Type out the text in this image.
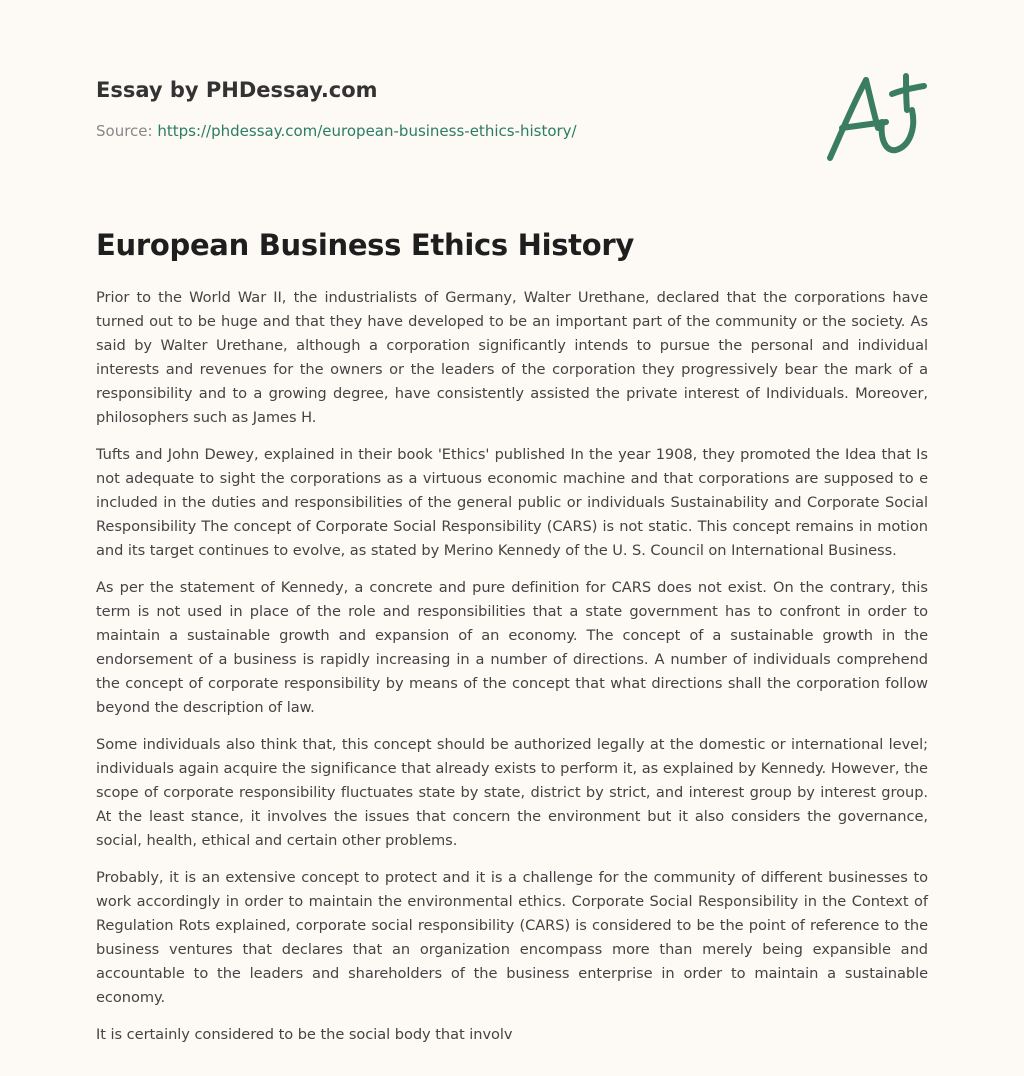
Essay by PHDessay.com
Source: https://phdessay.com/european-business-ethics-history/
European Business Ethics History

Prior to the World War II, the industrialists of Germany, Walter Urethane, declared that the corporations have turned out to be huge and that they have developed to be an important part of the community or the society. As said by Walter Urethane, although a corporation significantly intends to pursue the personal and individual interests and revenues for the owners or the leaders of the corporation they progressively bear the mark of a responsibility and to a growing degree, have consistently assisted the private interest of Individuals. Moreover, philosophers such as James H.

Tufts and John Dewey, explained in their book 'Ethics' published In the year 1908, they promoted the Idea that Is not adequate to sight the corporations as a virtuous economic machine and that corporations are supposed to e included in the duties and responsibilities of the general public or individuals Sustainability and Corporate Social Responsibility The concept of Corporate Social Responsibility (CARS) is not static. This concept remains in motion and its target continues to evolve, as stated by Merino Kennedy of the U. S. Council on International Business.

As per the statement of Kennedy, a concrete and pure definition for CARS does not exist. On the contrary, this term is not used in place of the role and responsibilities that a state government has to confront in order to maintain a sustainable growth and expansion of an economy. The concept of a sustainable growth in the endorsement of a business is rapidly increasing in a number of directions. A number of individuals comprehend the concept of corporate responsibility by means of the concept that what directions shall the corporation follow beyond the description of law.

Some individuals also think that, this concept should be authorized legally at the domestic or international level; individuals again acquire the significance that already exists to perform it, as explained by Kennedy. However, the scope of corporate responsibility fluctuates state by state, district by strict, and interest group by interest group. At the least stance, it involves the issues that concern the environment but it also considers the governance, social, health, ethical and certain other problems.

Probably, it is an extensive concept to protect and it is a challenge for the community of different businesses to work accordingly in order to maintain the environmental ethics. Corporate Social Responsibility in the Context of Regulation Rots explained, corporate social responsibility (CARS) is considered to be the point of reference to the business ventures that declares that an organization encompass more than merely being expansible and accountable to the leaders and shareholders of the business enterprise in order to maintain a sustainable economy.

It is certainly considered to be the social body that involv
